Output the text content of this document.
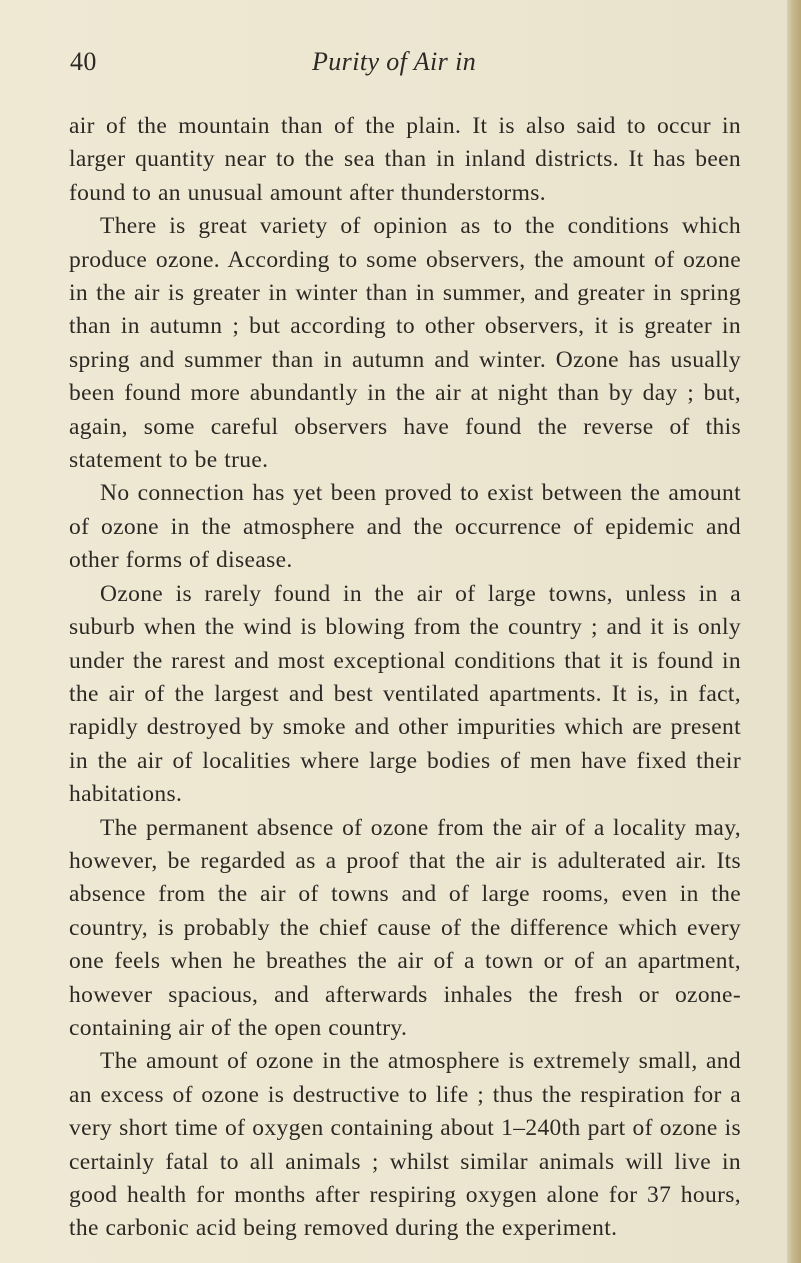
40	Purity of Air in

air of the mountain than of the plain. It is also said to occur in larger quantity near to the sea than in inland districts. It has been found to an unusual amount after thunderstorms.

There is great variety of opinion as to the conditions which produce ozone. According to some observers, the amount of ozone in the air is greater in winter than in summer, and greater in spring than in autumn ; but according to other observers, it is greater in spring and summer than in autumn and winter. Ozone has usually been found more abundantly in the air at night than by day ; but, again, some careful observers have found the reverse of this statement to be true.

No connection has yet been proved to exist between the amount of ozone in the atmosphere and the occurrence of epidemic and other forms of disease.

Ozone is rarely found in the air of large towns, unless in a suburb when the wind is blowing from the country ; and it is only under the rarest and most exceptional conditions that it is found in the air of the largest and best ventilated apartments. It is, in fact, rapidly destroyed by smoke and other impurities which are present in the air of localities where large bodies of men have fixed their habitations.

The permanent absence of ozone from the air of a locality may, however, be regarded as a proof that the air is adulterated air. Its absence from the air of towns and of large rooms, even in the country, is probably the chief cause of the difference which every one feels when he breathes the air of a town or of an apartment, however spacious, and afterwards inhales the fresh or ozone-containing air of the open country.

The amount of ozone in the atmosphere is extremely small, and an excess of ozone is destructive to life ; thus the respiration for a very short time of oxygen containing about 1–240th part of ozone is certainly fatal to all animals ; whilst similar animals will live in good health for months after respiring oxygen alone for 37 hours, the carbonic acid being removed during the experiment.
